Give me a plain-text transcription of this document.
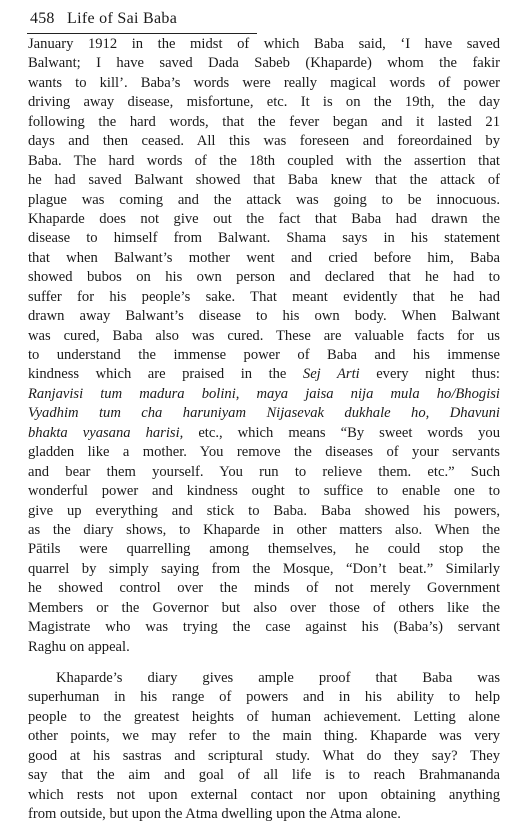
458 Life of Sai Baba
January 1912 in the midst of which Baba said, ‘I have saved
Balwant; I have saved Dada Sabeb (Khaparde) whom the fakir
wants to kill’. Baba’s words were really magical words of power
driving away disease, misfortune, etc. It is on the 19th, the day
following the hard words, that the fever began and it lasted 21
days and then ceased. All this was foreseen and foreordained by
Baba. The hard words of the 18th coupled with the assertion that
he had saved Balwant showed that Baba knew that the attack of
plague was coming and the attack was going to be innocuous.
Khaparde does not give out the fact that Baba had drawn the
disease to himself from Balwant. Shama says in his statement
that when Balwant’s mother went and cried before him, Baba
showed bubos on his own person and declared that he had to
suffer for his people’s sake. That meant evidently that he had
drawn away Balwant’s disease to his own body. When Balwant
was cured, Baba also was cured. These are valuable facts for us
to understand the immense power of Baba and his immense
kindness which are praised in the Sej Arti every night thus:
Ranjavisi tum madura bolini, maya jaisa nija mula ho/Bhogisi
Vyadhim tum cha haruniyam Nijasevak dukhale ho, Dhavuni
bhakta vyasana harisi, etc., which means “By sweet words you
gladden like a mother. You remove the diseases of your servants
and bear them yourself. You run to relieve them. etc.” Such
wonderful power and kindness ought to suffice to enable one to
give up everything and stick to Baba. Baba showed his powers,
as the diary shows, to Khaparde in other matters also. When the
Pātils were quarrelling among themselves, he could stop the
quarrel by simply saying from the Mosque, “Don’t beat.” Similarly
he showed control over the minds of not merely Government
Members or the Governor but also over those of others like the
Magistrate who was trying the case against his (Baba’s) servant
Raghu on appeal.
Khaparde’s diary gives ample proof that Baba was
superhuman in his range of powers and in his ability to help
people to the greatest heights of human achievement. Letting alone
other points, we may refer to the main thing. Khaparde was very
good at his sastras and scriptural study. What do they say? They
say that the aim and goal of all life is to reach Brahmananda
which rests not upon external contact nor upon obtaining anything
from outside, but upon the Atma dwelling upon the Atma alone.
